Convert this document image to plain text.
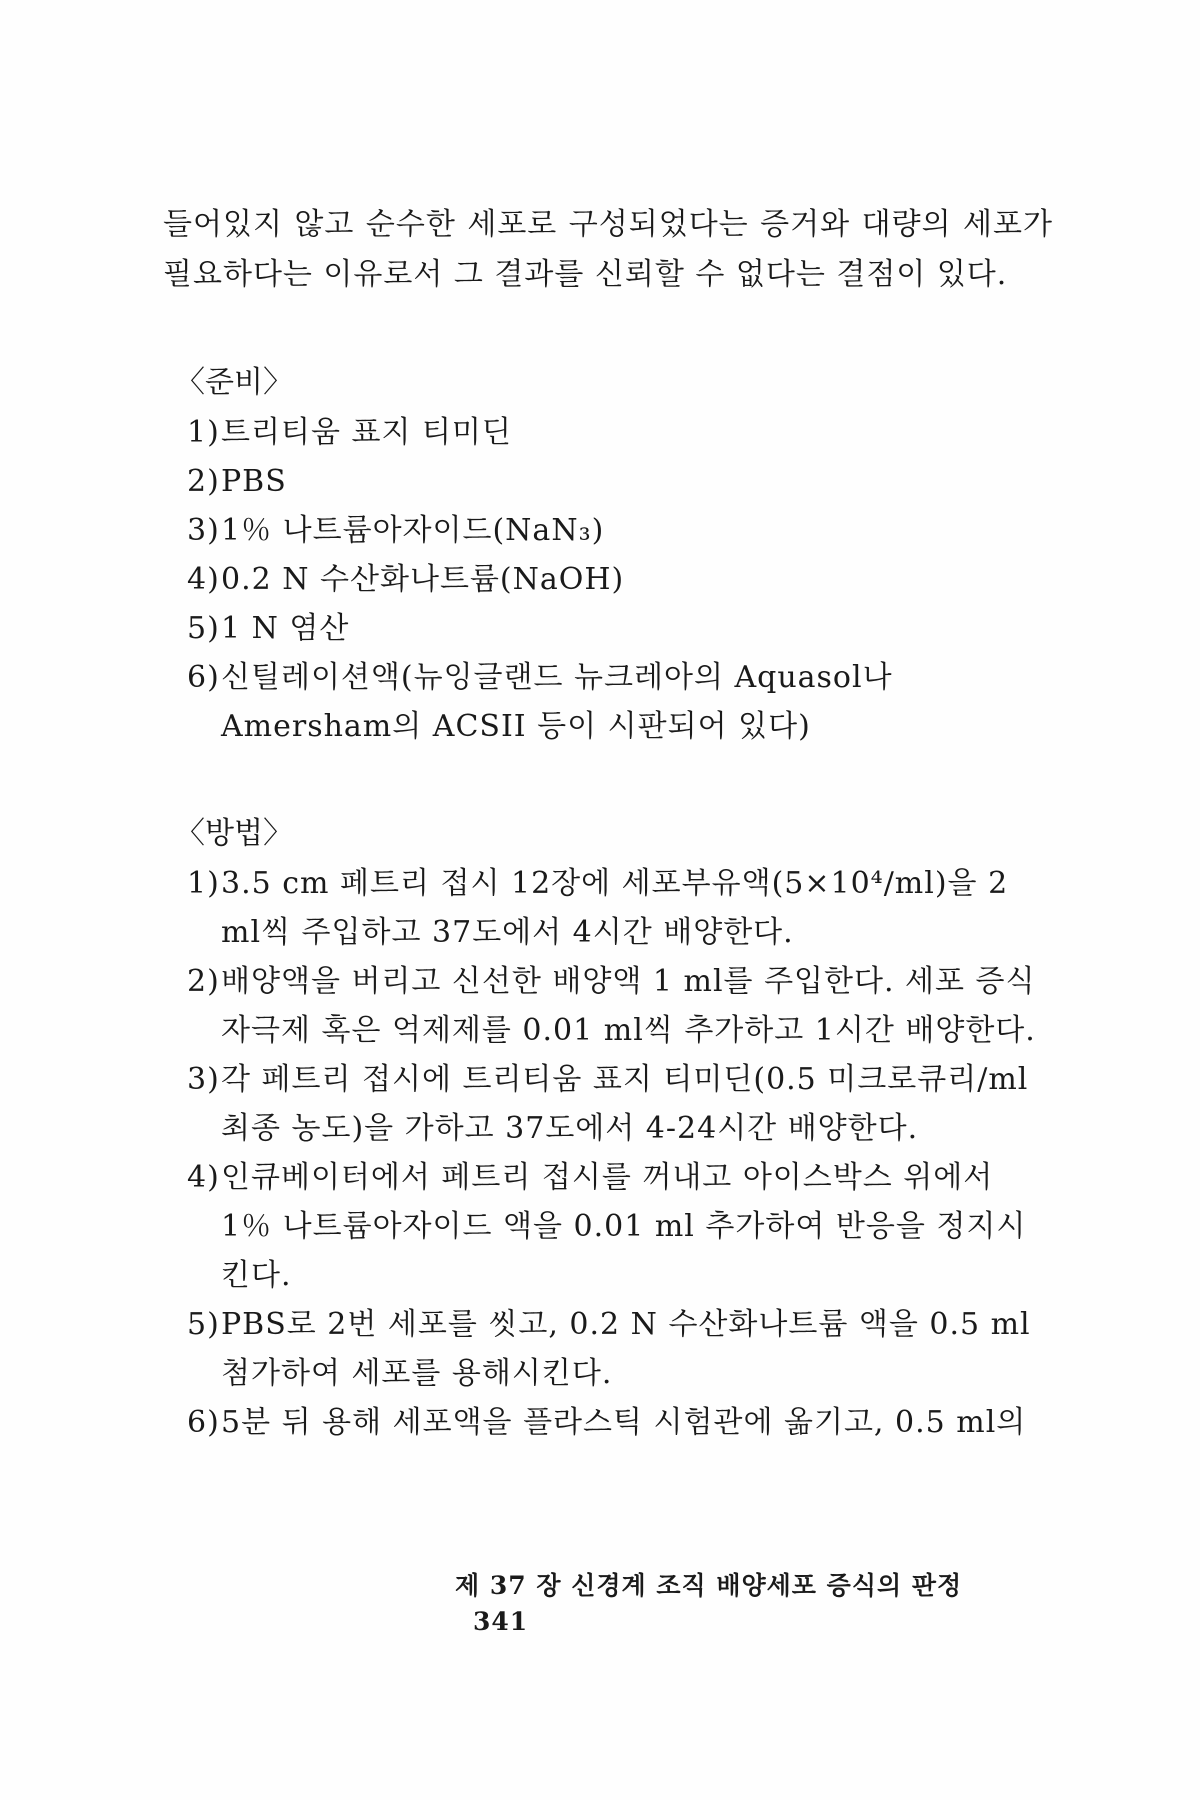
들어있지 않고 순수한 세포로 구성되었다는 증거와 대량의 세포가 필요하다는 이유로서 그 결과를 신뢰할 수 없다는 결점이 있다.

〈준비〉
1) 트리티움 표지 티미딘
2) PBS
3) 1％ 나트륨아자이드(NaN₃)
4) 0.2 N 수산화나트륨(NaOH)
5) 1 N 염산
6) 신틸레이션액(뉴잉글랜드 뉴크레아의 Aquasol나 Amersham의 ACSII 등이 시판되어 있다)
〈방법〉
1) 3.5 cm 페트리 접시 12장에 세포부유액(5×10⁴/ml)을 2 ml씩 주입하고 37도에서 4시간 배양한다.
2) 배양액을 버리고 신선한 배양액 1 ml를 주입한다. 세포 증식 자극제 혹은 억제제를 0.01 ml씩 추가하고 1시간 배양한다.
3) 각 페트리 접시에 트리티움 표지 티미딘(0.5 미크로큐리/ml 최종 농도)을 가하고 37도에서 4-24시간 배양한다.
4) 인큐베이터에서 페트리 접시를 꺼내고 아이스박스 위에서 1％ 나트륨아자이드 액을 0.01 ml 추가하여 반응을 정지시킨다.
5) PBS로 2번 세포를 씻고, 0.2 N 수산화나트륨 액을 0.5 ml 첨가하여 세포를 용해시킨다.
6) 5분 뒤 용해 세포액을 플라스틱 시험관에 옮기고, 0.5 ml의
제 37 장 신경계 조직 배양세포 증식의 판정341
